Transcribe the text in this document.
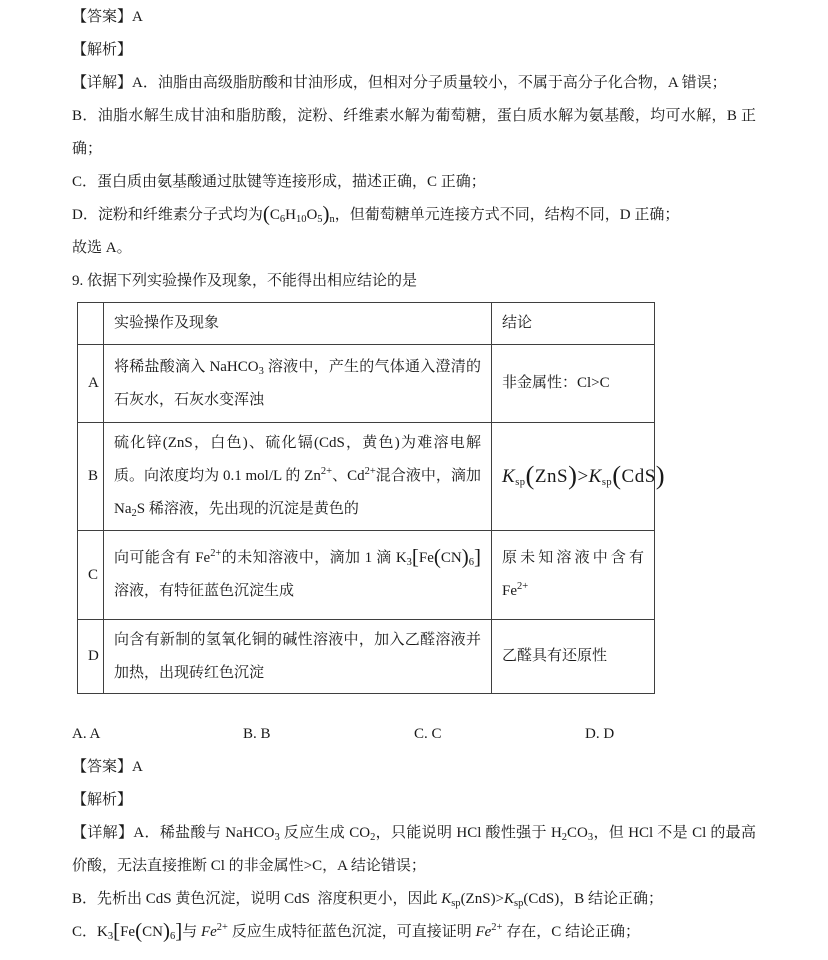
【答案】A

【解析】

【详解】A．油脂由高级脂肪酸和甘油形成，但相对分子质量较小，不属于高分子化合物，A 错误；

B．油脂水解生成甘油和脂肪酸，淀粉、纤维素水解为葡萄糖，蛋白质水解为氨基酸，均可水解，B 正确；

C．蛋白质由氨基酸通过肽键等连接形成，描述正确，C 正确；

D．淀粉和纤维素分子式均为$(C_6H_{10}O_5)_n$，但葡萄糖单元连接方式不同，结构不同，D 正确；

故选 A。

9. 依据下列实验操作及现象，不能得出相应结论的是

	实验操作及现象	结论
A	将稀盐酸滴入 NaHCO$_3$ 溶液中，产生的气体通入澄清的石灰水，石灰水变浑浊	非金属性：Cl>C
B	硫化锌(ZnS，白色)、硫化镉(CdS，黄色)为难溶电解质。向浓度均为 0.1 mol/L 的 $Zn^{2+}$、$Cd^{2+}$混合液中，滴加 $Na_2S$ 稀溶液，先出现的沉淀是黄色的	$K_{sp}(ZnS)>K_{sp}(CdS)$
C	向可能含有 $Fe^{2+}$的未知溶液中，滴加 1 滴 $K_3[Fe(CN)_6]$溶液，有特征蓝色沉淀生成	原未知溶液中含有 $Fe^{2+}$
D	向含有新制的氢氧化铜的碱性溶液中，加入乙醛溶液并加热，出现砖红色沉淀	乙醛具有还原性
A. A	B. B	C. C	D. D

【答案】A

【解析】

【详解】A．稀盐酸与 NaHCO$_3$ 反应生成 $CO_2$，只能说明 HCl 酸性强于 $H_2CO_3$，但 HCl 不是 Cl 的最高价酸，无法直接推断 Cl 的非金属性>C，A 结论错误；

B．先析出 CdS 黄色沉淀，说明 CdS  溶度积更小，因此 $K_{sp}(ZnS)>K_{sp}(CdS)$，B 结论正确；

C．$K_3[Fe(CN)_6]$与 $Fe^{2+}$ 反应生成特征蓝色沉淀，可直接证明 $Fe^{2+}$ 存在，C 结论正确；
